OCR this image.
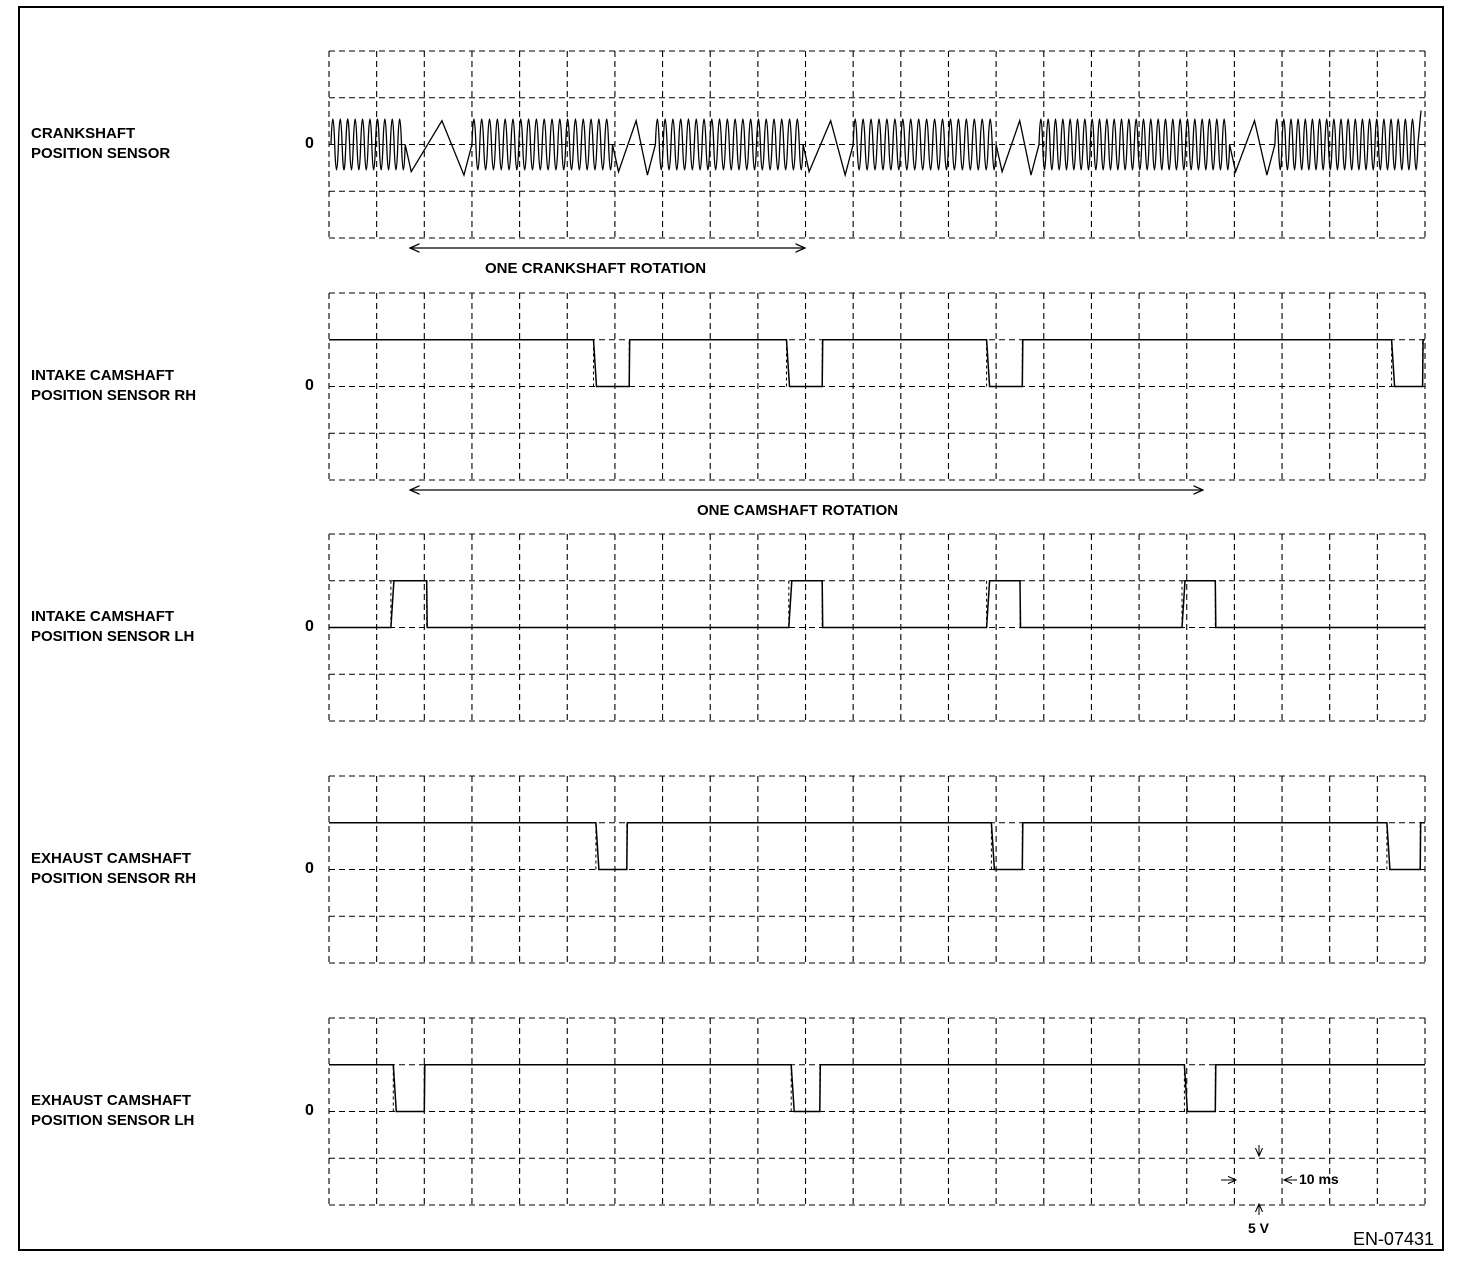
CRANKSHAFT
POSITION SENSOR
0
INTAKE CAMSHAFT
POSITION SENSOR RH
0
INTAKE CAMSHAFT
POSITION SENSOR LH
0
EXHAUST CAMSHAFT
POSITION SENSOR RH
0
EXHAUST CAMSHAFT
POSITION SENSOR LH
0
ONE CRANKSHAFT ROTATION
ONE CAMSHAFT ROTATION
10 ms
5 V
EN-07431
